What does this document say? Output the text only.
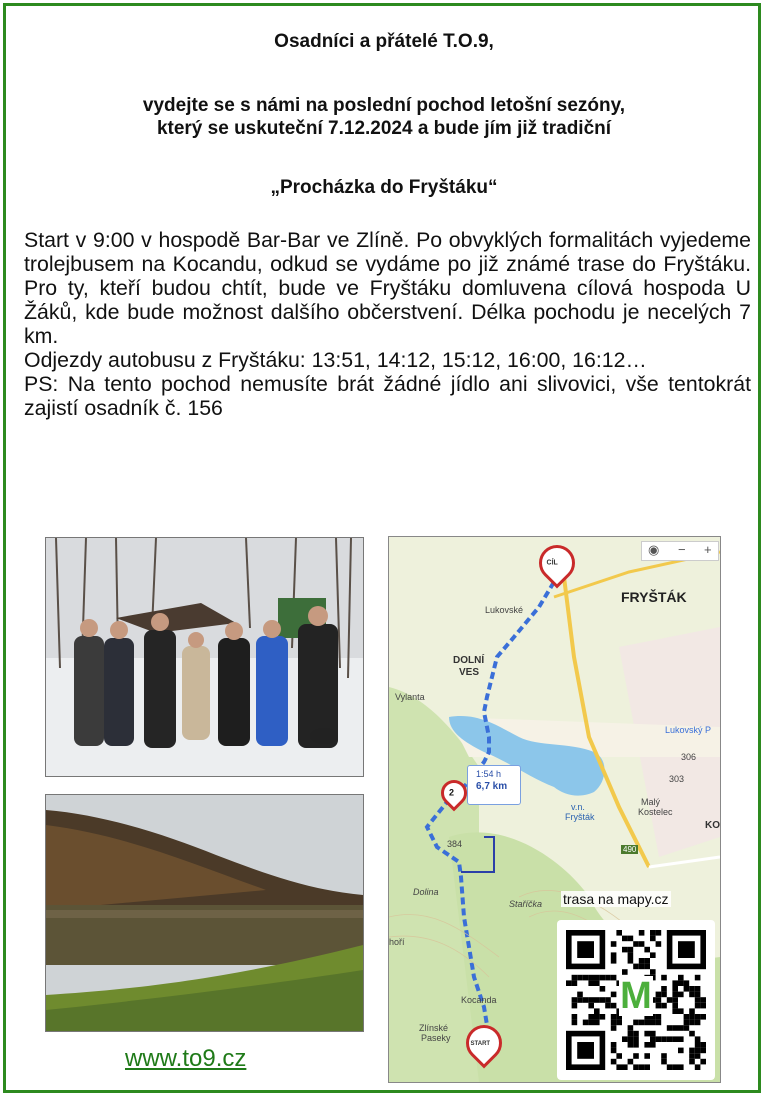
Osadníci a přátelé T.O.9,
vydejte se s námi na poslední pochod letošní sezóny,
který se uskuteční 7.12.2024 a bude jím již tradiční
„Procházka do Fryštáku“

Start v 9:00 v hospodě Bar-Bar ve Zlíně. Po obvyklých formalitách vyjedeme trolejbusem na Kocandu, odkud se vydáme po již známé trase do Fryštáku. Pro ty, kteří budou chtít, bude ve Fryštáku domluvena cílová hospoda U Žáků, kde bude možnost dalšího občerstvení. Délka pochodu je necelých 7 km.

Odjezdy autobusu z Fryštáku: 13:51, 14:12, 15:12, 16:00, 16:12…

PS: Na tento pochod nemusíte brát žádné jídlo ani slivovici, vše tentokrát zajistí osadník č. 156

www.to9.cz
Lukovské
FRYŠTÁK
DOLNÍ
VES
Vylanta
Lukovský P
306
303
Malý
Kostelec
v.n.
Fryšták
KO
490
384
Staříčka
Dolina
hoří
Kocanda
Zlínské
Paseky
CÍL
2
START
1:54 h
6,7 km
◉ − +
trasa na mapy.cz
M
